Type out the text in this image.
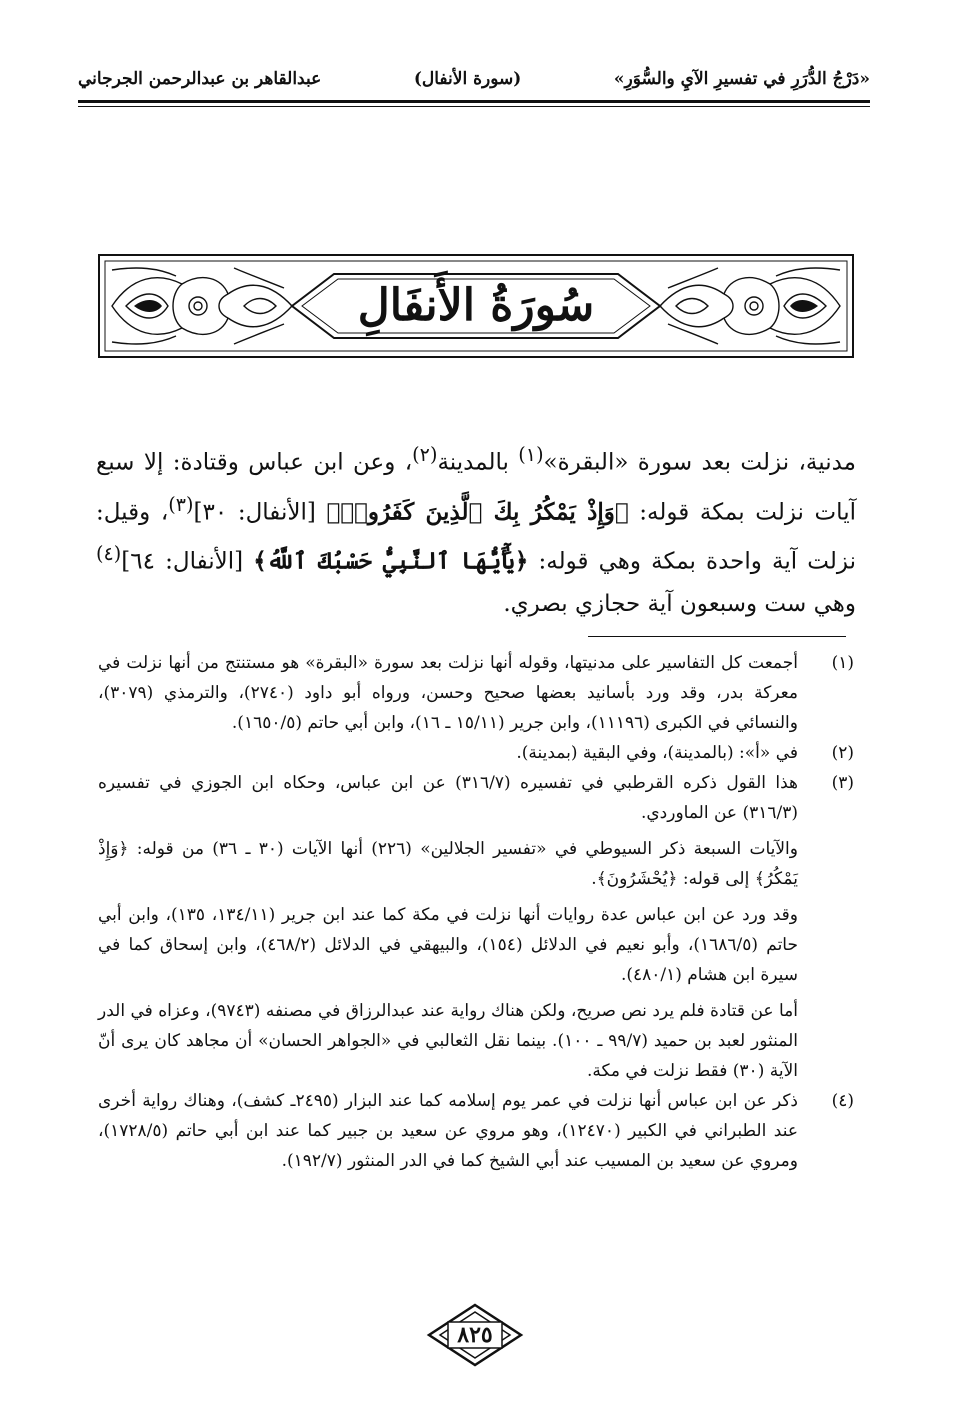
«دَرْجُ الدُّرَرِ في تفسيرِ الآيِ والسُّوَرِ»
(سورة الأنفال)
عبدالقاهر بن عبدالرحمن الجرجاني
سُورَةُ الأَنفَالِ
مدنية، نزلت بعد سورة «البقرة»$^{(١)}$ بالمدينة$^{(٢)}$، وعن ابن عباس وقتادة: إلا سبع آيات نزلت بمكة قوله: ﴿وَإِذْ يَمْكُرُ بِكَ ٱلَّذِينَ كَفَرُوا۟﴾ [الأنفال: ٣٠]$^{(٣)}$، وقيل: نزلت آية واحدة بمكة وهي قوله: ﴿يَٰٓأَيُّهَا ٱلنَّبِيُّ حَسْبُكَ ٱللَّهُ﴾ [الأنفال: ٦٤]$^{(٤)}$ وهي ست وسبعون آية حجازي بصري.
(١)

أجمعت كل التفاسير على مدنيتها، وقوله أنها نزلت بعد سورة «البقرة» هو مستنتج من أنها نزلت في معركة بدر، وقد ورد بأسانيد بعضها صحيح وحسن، ورواه أبو داود (٢٧٤٠)، والترمذي (٣٠٧٩)، والنسائي في الكبرى (١١١٩٦)، وابن جرير (١٥/١١ ـ ١٦)، وابن أبي حاتم (١٦٥٠/٥).

(٢)

في «أ»: (بالمدينة)، وفي البقية (بمدينة).

(٣)

هذا القول ذكره القرطبي في تفسيره (٣١٦/٧) عن ابن عباس، وحكاه ابن الجوزي في تفسيره (٣١٦/٣) عن الماوردي.

والآيات السبعة ذكر السيوطي في «تفسير الجلالين» (٢٢٦) أنها الآيات (٣٠ ـ ٣٦) من قوله: ﴿وَإِذْ يَمْكُرُ﴾ إلى قوله: ﴿يُحْشَرُونَ﴾.

وقد ورد عن ابن عباس عدة روايات أنها نزلت في مكة كما عند ابن جرير (١٣٤/١١، ١٣٥)، وابن أبي حاتم (١٦٨٦/٥)، وأبو نعيم في الدلائل (١٥٤)، والبيهقي في الدلائل (٤٦٨/٢)، وابن إسحاق كما في سيرة ابن هشام (٤٨٠/١).

أما عن قتادة فلم يرد نص صريح، ولكن هناك رواية عند عبدالرزاق في مصنفه (٩٧٤٣)، وعزاه في الدر المنثور لعبد بن حميد (٩٩/٧ ـ ١٠٠). بينما نقل الثعالبي في «الجواهر الحسان» أن مجاهد كان يرى أنّ الآية (٣٠) فقط نزلت في مكة.

(٤)

ذكر عن ابن عباس أنها نزلت في عمر يوم إسلامه كما عند البزار (٢٤٩٥ـ كشف)، وهناك رواية أخرى عند الطبراني في الكبير (١٢٤٧٠)، وهو مروي عن سعيد بن جبير كما عند ابن أبي حاتم (١٧٢٨/٥)، ومروي عن سعيد بن المسيب عند أبي الشيخ كما في الدر المنثور (١٩٢/٧).

٨٢٥
